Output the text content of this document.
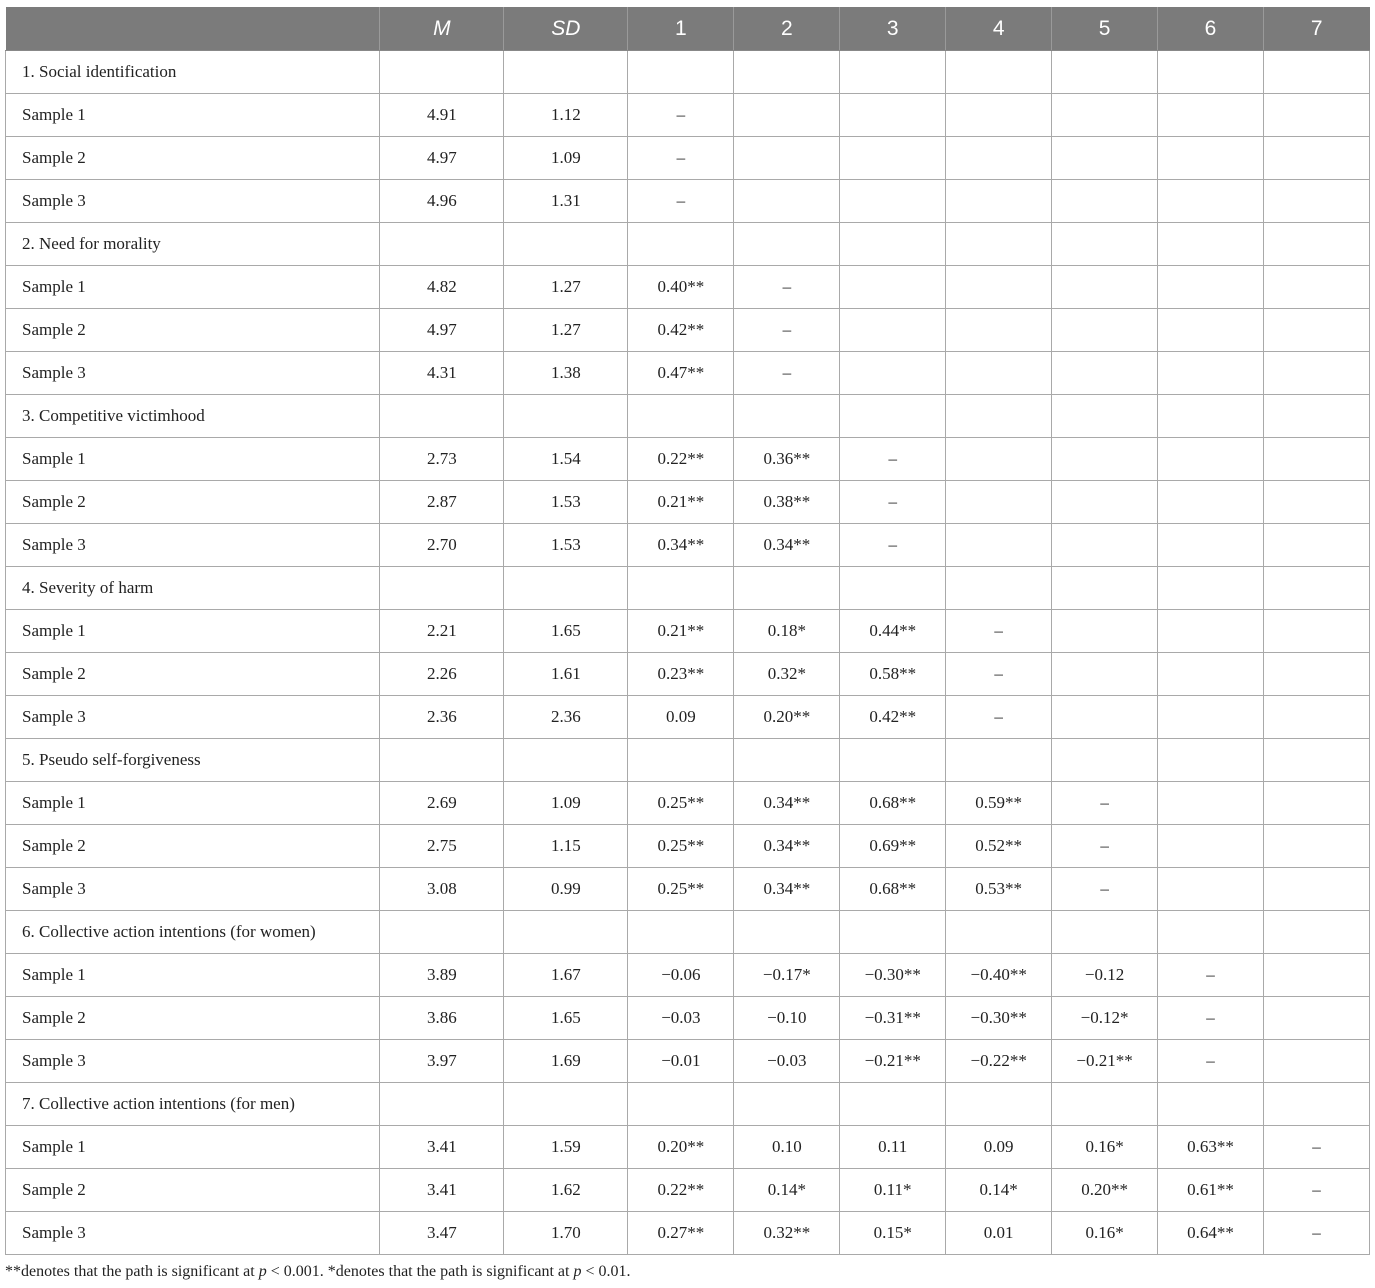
	M	SD	1	2	3	4	5	6	7
1. Social identification									
Sample 1	4.91	1.12	–						
Sample 2	4.97	1.09	–						
Sample 3	4.96	1.31	–						
2. Need for morality									
Sample 1	4.82	1.27	0.40**	–					
Sample 2	4.97	1.27	0.42**	–					
Sample 3	4.31	1.38	0.47**	–					
3. Competitive victimhood									
Sample 1	2.73	1.54	0.22**	0.36**	–				
Sample 2	2.87	1.53	0.21**	0.38**	–				
Sample 3	2.70	1.53	0.34**	0.34**	–				
4. Severity of harm									
Sample 1	2.21	1.65	0.21**	0.18*	0.44**	–			
Sample 2	2.26	1.61	0.23**	0.32*	0.58**	–			
Sample 3	2.36	2.36	0.09	0.20**	0.42**	–			
5. Pseudo self-forgiveness									
Sample 1	2.69	1.09	0.25**	0.34**	0.68**	0.59**	–		
Sample 2	2.75	1.15	0.25**	0.34**	0.69**	0.52**	–		
Sample 3	3.08	0.99	0.25**	0.34**	0.68**	0.53**	–		
6. Collective action intentions (for women)									
Sample 1	3.89	1.67	−0.06	−0.17*	−0.30**	−0.40**	−0.12	–	
Sample 2	3.86	1.65	−0.03	−0.10	−0.31**	−0.30**	−0.12*	–	
Sample 3	3.97	1.69	−0.01	−0.03	−0.21**	−0.22**	−0.21**	–	
7. Collective action intentions (for men)									
Sample 1	3.41	1.59	0.20**	0.10	0.11	0.09	0.16*	0.63**	–
Sample 2	3.41	1.62	0.22**	0.14*	0.11*	0.14*	0.20**	0.61**	–
Sample 3	3.47	1.70	0.27**	0.32**	0.15*	0.01	0.16*	0.64**	–
**denotes that the path is significant at p < 0.001. *denotes that the path is significant at p < 0.01.
